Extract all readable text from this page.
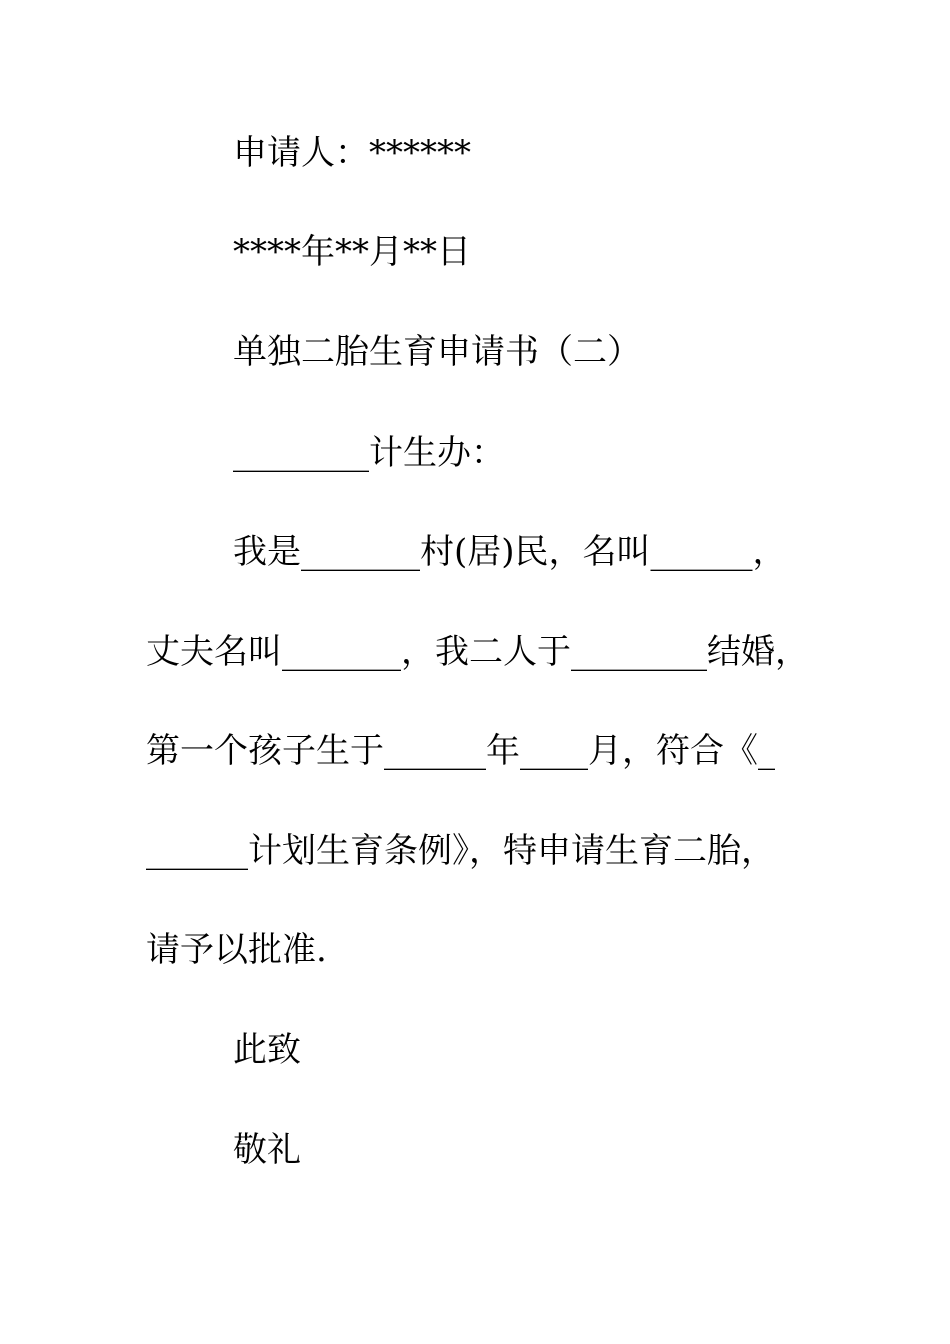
申请人：******
****年**月**日
单独二胎生育申请书（二）
________计生办：
我是_______村(居)民，名叫______，
丈夫名叫_______，我二人于________结婚，
第一个孩子生于______年____月，符合《_
______计划生育条例》，特申请生育二胎，
请予以批准.
此致
敬礼
